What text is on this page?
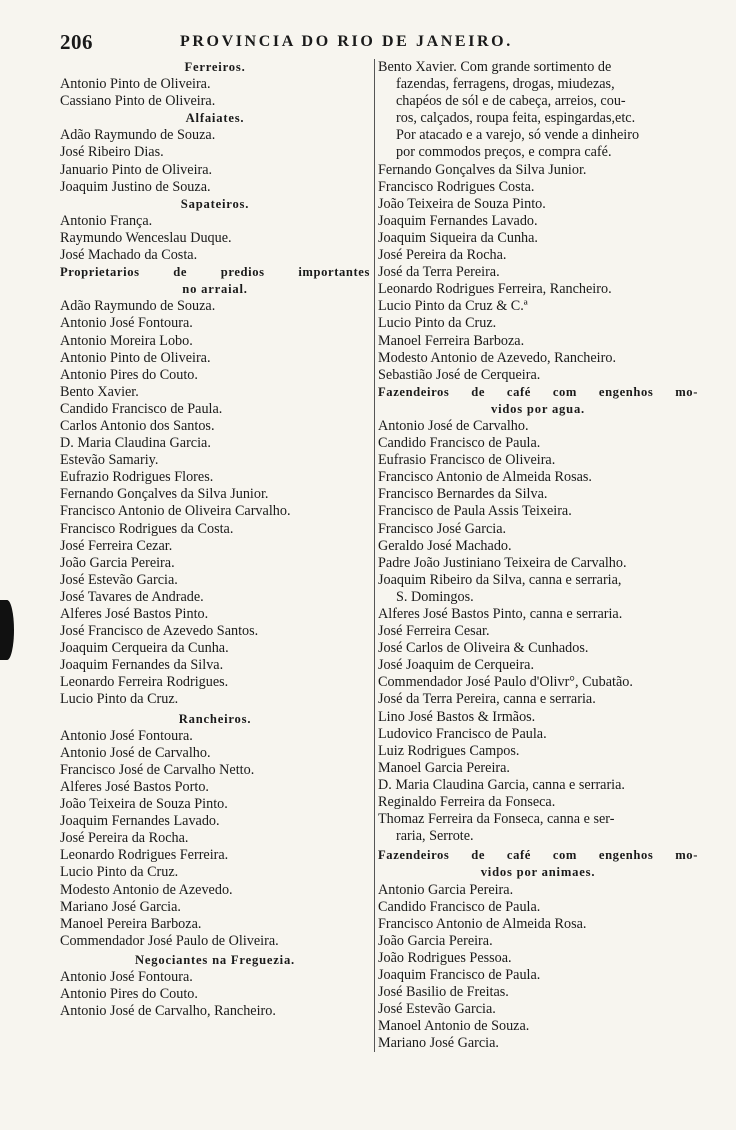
206	PROVINCIA DO RIO DE JANEIRO.
Ferreiros.
Antonio Pinto de Oliveira.
Cassiano Pinto de Oliveira.
Alfaiates.
Adão Raymundo de Souza.
José Ribeiro Dias.
Januario Pinto de Oliveira.
Joaquim Justino de Souza.
Sapateiros.
Antonio França.
Raymundo Wenceslau Duque.
José Machado da Costa.
Proprietarios de predios importantes
no arraial.
Adão Raymundo de Souza.
Antonio José Fontoura.
Antonio Moreira Lobo.
Antonio Pinto de Oliveira.
Antonio Pires do Couto.
Bento Xavier.
Candido Francisco de Paula.
Carlos Antonio dos Santos.
D. Maria Claudina Garcia.
Estevão Samariy.
Eufrazio Rodrigues Flores.
Fernando Gonçalves da Silva Junior.
Francisco Antonio de Oliveira Carvalho.
Francisco Rodrigues da Costa.
José Ferreira Cezar.
João Garcia Pereira.
José Estevão Garcia.
José Tavares de Andrade.
Alferes José Bastos Pinto.
José Francisco de Azevedo Santos.
Joaquim Cerqueira da Cunha.
Joaquim Fernandes da Silva.
Leonardo Ferreira Rodrigues.
Lucio Pinto da Cruz.
Rancheiros.
Antonio José Fontoura.
Antonio José de Carvalho.
Francisco José de Carvalho Netto.
Alferes José Bastos Porto.
João Teixeira de Souza Pinto.
Joaquim Fernandes Lavado.
José Pereira da Rocha.
Leonardo Rodrigues Ferreira.
Lucio Pinto da Cruz.
Modesto Antonio de Azevedo.
Mariano José Garcia.
Manoel Pereira Barboza.
Commendador José Paulo de Oliveira.
Negociantes na Freguezia.
Antonio José Fontoura.
Antonio Pires do Couto.
Antonio José de Carvalho, Rancheiro.
Bento Xavier. Com grande sortimento de
fazendas, ferragens, drogas, miudezas,
chapéos de sól e de cabeça, arreios, cou-
ros, calçados, roupa feita, espingardas,etc.
Por atacado e a varejo, só vende a dinheiro
por commodos preços, e compra café.
Fernando Gonçalves da Silva Junior.
Francisco Rodrigues Costa.
João Teixeira de Souza Pinto.
Joaquim Fernandes Lavado.
Joaquim Siqueira da Cunha.
José Pereira da Rocha.
José da Terra Pereira.
Leonardo Rodrigues Ferreira, Rancheiro.
Lucio Pinto da Cruz & C.ª
Lucio Pinto da Cruz.
Manoel Ferreira Barboza.
Modesto Antonio de Azevedo, Rancheiro.
Sebastião José de Cerqueira.
Fazendeiros de café com engenhos mo-
vidos por agua.
Antonio José de Carvalho.
Candido Francisco de Paula.
Eufrasio Francisco de Oliveira.
Francisco Antonio de Almeida Rosas.
Francisco Bernardes da Silva.
Francisco de Paula Assis Teixeira.
Francisco José Garcia.
Geraldo José Machado.
Padre João Justiniano Teixeira de Carvalho.
Joaquim Ribeiro da Silva, canna e serraria,
S. Domingos.
Alferes José Bastos Pinto, canna e serraria.
José Ferreira Cesar.
José Carlos de Oliveira & Cunhados.
José Joaquim de Cerqueira.
Commendador José Paulo d'Olivr°, Cubatão.
José da Terra Pereira, canna e serraria.
Lino José Bastos & Irmãos.
Ludovico Francisco de Paula.
Luiz Rodrigues Campos.
Manoel Garcia Pereira.
D. Maria Claudina Garcia, canna e serraria.
Reginaldo Ferreira da Fonseca.
Thomaz Ferreira da Fonseca, canna e ser-
raria, Serrote.
Fazendeiros de café com engenhos mo-
vidos por animaes.
Antonio Garcia Pereira.
Candido Francisco de Paula.
Francisco Antonio de Almeida Rosa.
João Garcia Pereira.
João Rodrigues Pessoa.
Joaquim Francisco de Paula.
José Basilio de Freitas.
José Estevão Garcia.
Manoel Antonio de Souza.
Mariano José Garcia.
